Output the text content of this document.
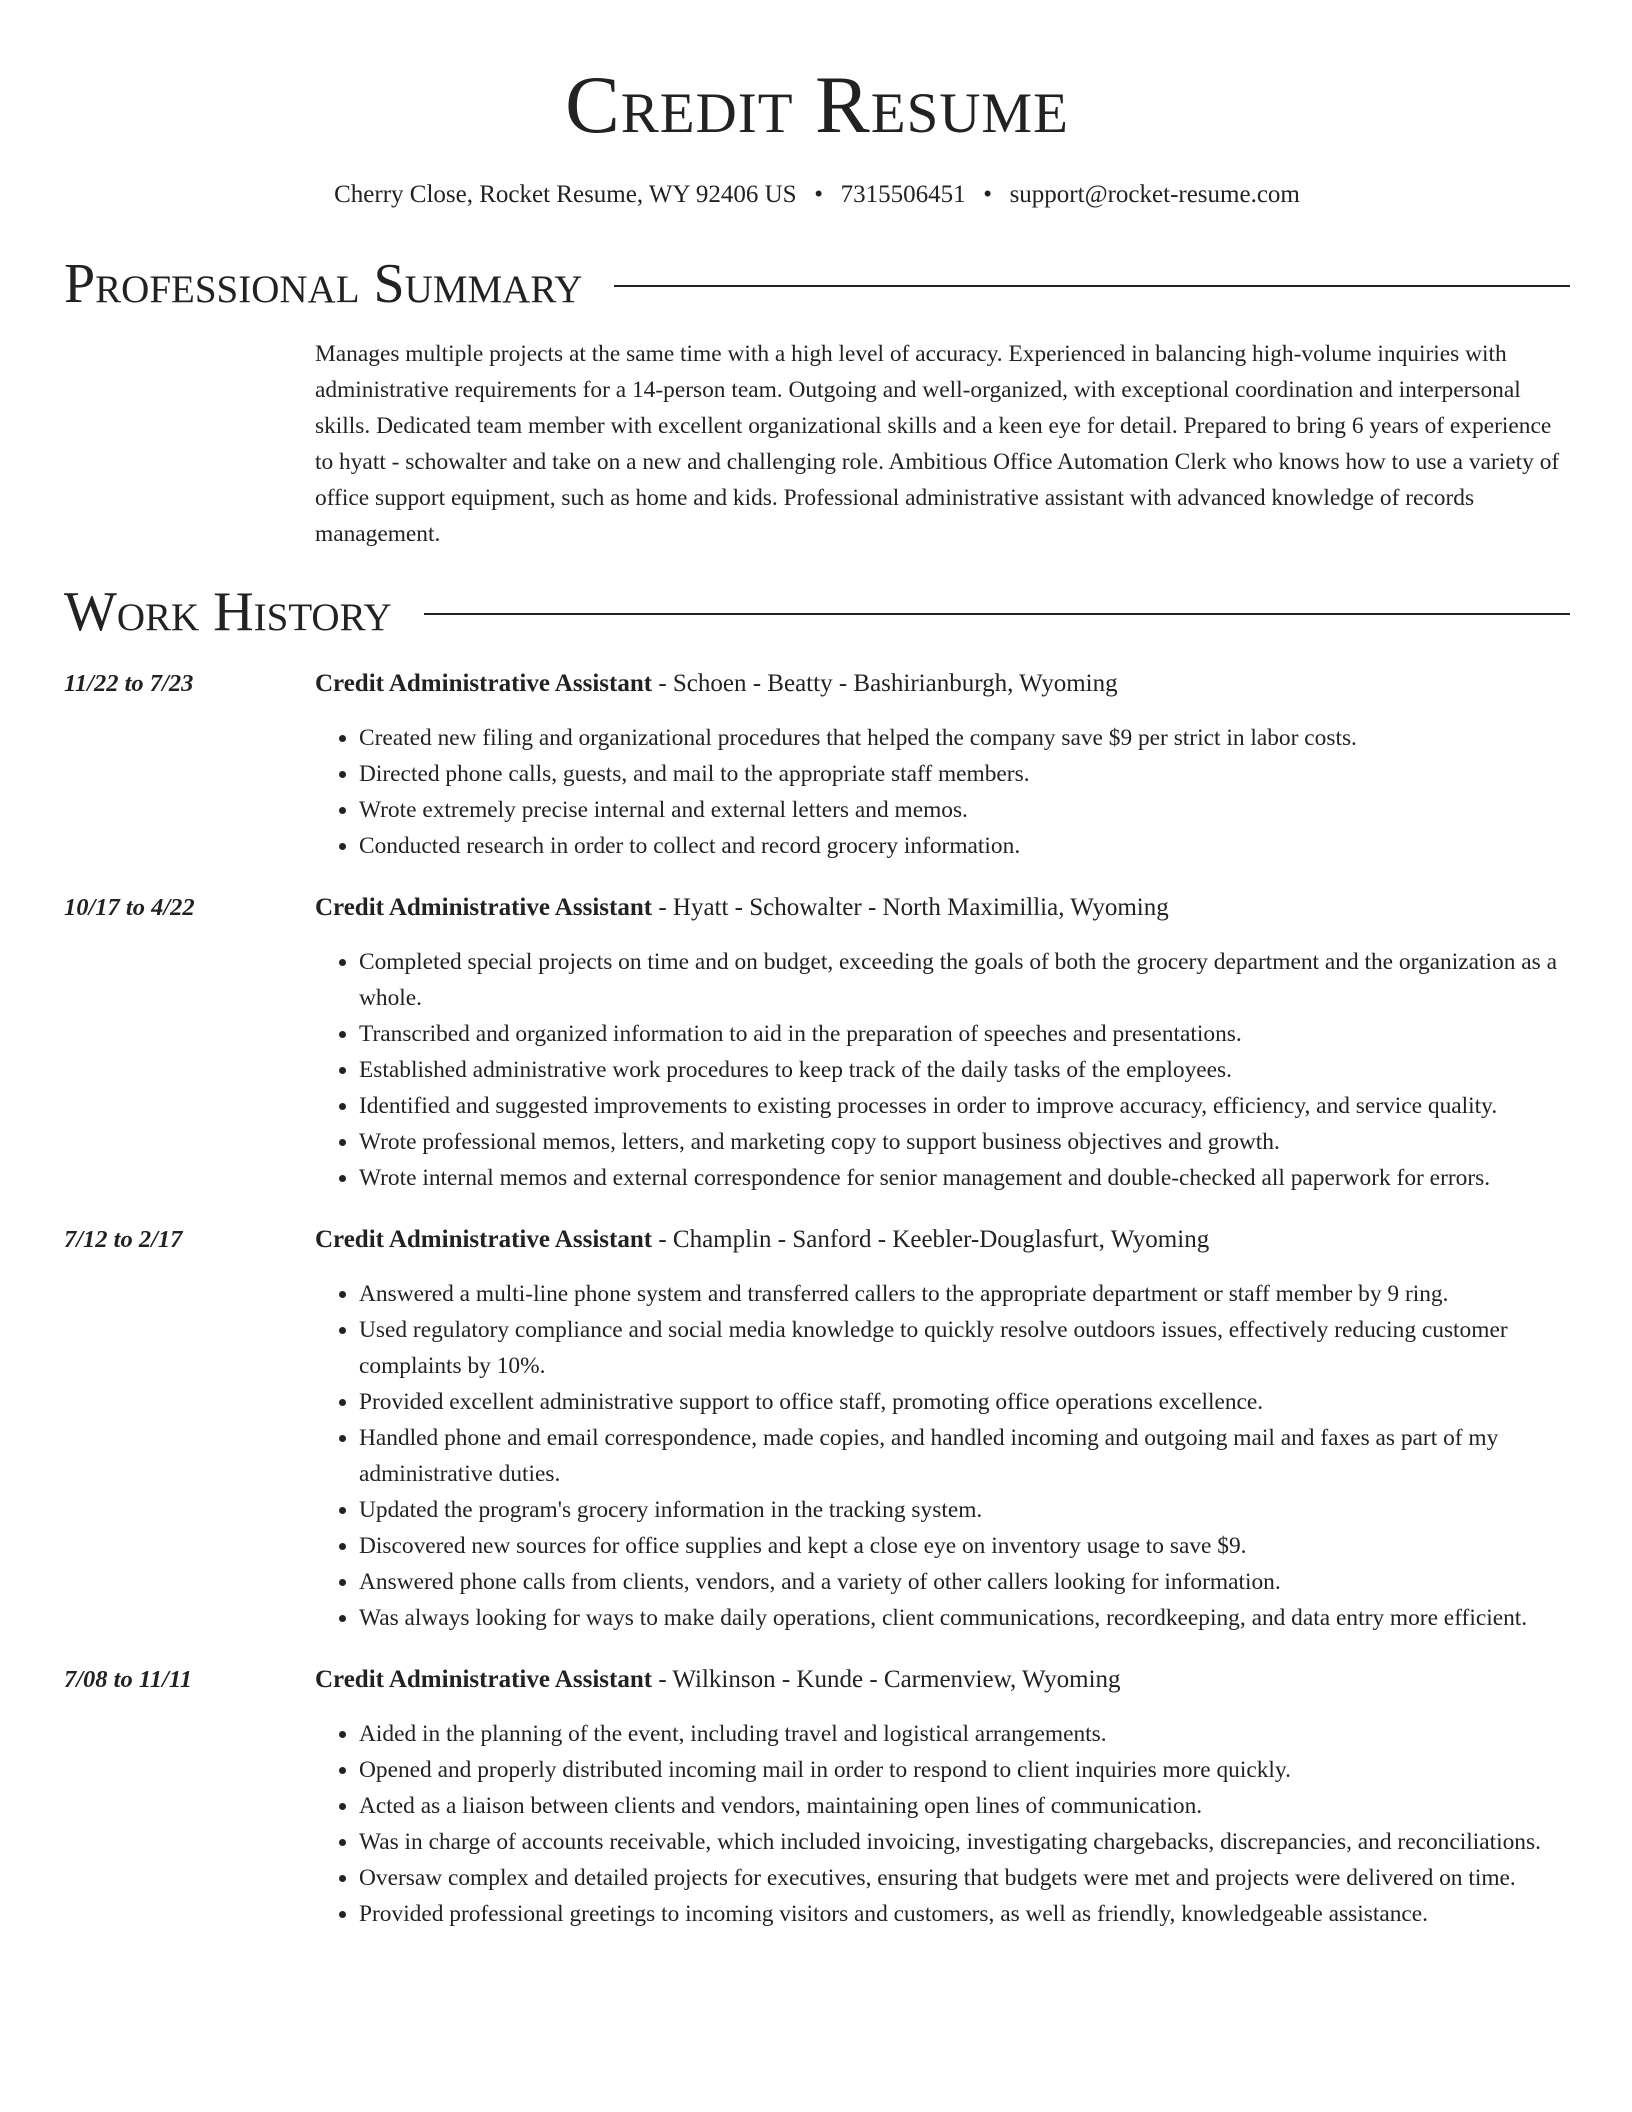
Credit Resume
Cherry Close, Rocket Resume, WY 92406 US • 7315506451 • support@rocket-resume.com
Professional Summary
Manages multiple projects at the same time with a high level of accuracy. Experienced in balancing high-volume inquiries with administrative requirements for a 14-person team. Outgoing and well-organized, with exceptional coordination and interpersonal skills. Dedicated team member with excellent organizational skills and a keen eye for detail. Prepared to bring 6 years of experience to hyatt - schowalter and take on a new and challenging role. Ambitious Office Automation Clerk who knows how to use a variety of office support equipment, such as home and kids. Professional administrative assistant with advanced knowledge of records management.
Work History
11/22 to 7/23	Credit Administrative Assistant - Schoen - Beatty - Bashirianburgh, Wyoming
• Created new filing and organizational procedures that helped the company save $9 per strict in labor costs.
• Directed phone calls, guests, and mail to the appropriate staff members.
• Wrote extremely precise internal and external letters and memos.
• Conducted research in order to collect and record grocery information.
10/17 to 4/22	Credit Administrative Assistant - Hyatt - Schowalter - North Maximillia, Wyoming
• Completed special projects on time and on budget, exceeding the goals of both the grocery department and the organization as a whole.
• Transcribed and organized information to aid in the preparation of speeches and presentations.
• Established administrative work procedures to keep track of the daily tasks of the employees.
• Identified and suggested improvements to existing processes in order to improve accuracy, efficiency, and service quality.
• Wrote professional memos, letters, and marketing copy to support business objectives and growth.
• Wrote internal memos and external correspondence for senior management and double-checked all paperwork for errors.
7/12 to 2/17	Credit Administrative Assistant - Champlin - Sanford - Keebler-Douglasfurt, Wyoming
• Answered a multi-line phone system and transferred callers to the appropriate department or staff member by 9 ring.
• Used regulatory compliance and social media knowledge to quickly resolve outdoors issues, effectively reducing customer complaints by 10%.
• Provided excellent administrative support to office staff, promoting office operations excellence.
• Handled phone and email correspondence, made copies, and handled incoming and outgoing mail and faxes as part of my administrative duties.
• Updated the program's grocery information in the tracking system.
• Discovered new sources for office supplies and kept a close eye on inventory usage to save $9.
• Answered phone calls from clients, vendors, and a variety of other callers looking for information.
• Was always looking for ways to make daily operations, client communications, recordkeeping, and data entry more efficient.
7/08 to 11/11	Credit Administrative Assistant - Wilkinson - Kunde - Carmenview, Wyoming
• Aided in the planning of the event, including travel and logistical arrangements.
• Opened and properly distributed incoming mail in order to respond to client inquiries more quickly.
• Acted as a liaison between clients and vendors, maintaining open lines of communication.
• Was in charge of accounts receivable, which included invoicing, investigating chargebacks, discrepancies, and reconciliations.
• Oversaw complex and detailed projects for executives, ensuring that budgets were met and projects were delivered on time.
• Provided professional greetings to incoming visitors and customers, as well as friendly, knowledgeable assistance.
